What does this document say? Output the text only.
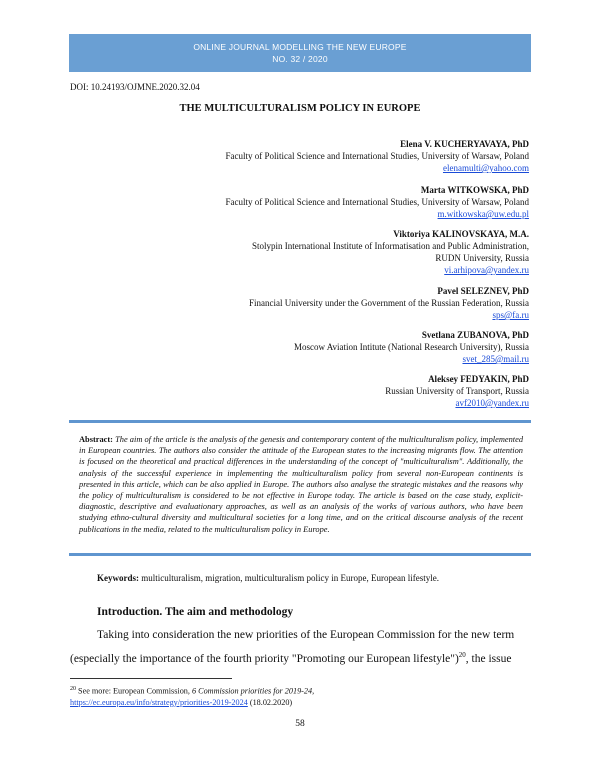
ONLINE JOURNAL MODELLING THE NEW EUROPE
NO. 32 / 2020
DOI: 10.24193/OJMNE.2020.32.04
THE MULTICULTURALISM POLICY IN EUROPE
Elena V. KUCHERYAVAYA, PhD
Faculty of Political Science and International Studies, University of Warsaw, Poland
elenamulti@yahoo.com
Marta WITKOWSKA, PhD
Faculty of Political Science and International Studies, University of Warsaw, Poland
m.witkowska@uw.edu.pl
Viktoriya KALINOVSKAYA, M.A.
Stolypin International Institute of Informatisation and Public Administration,
RUDN University, Russia
vi.arhipova@yandex.ru
Pavel SELEZNEV, PhD
Financial University under the Government of the Russian Federation, Russia
sps@fa.ru
Svetlana ZUBANOVA, PhD
Moscow Aviation Intitute (National Research University), Russia
svet_285@mail.ru
Aleksey FEDYAKIN, PhD
Russian University of Transport, Russia
avf2010@yandex.ru
Abstract: The aim of the article is the analysis of the genesis and contemporary content of the multiculturalism policy, implemented in European countries. The authors also consider the attitude of the European states to the increasing migrants flow. The attention is focused on the theoretical and practical differences in the understanding of the concept of "multiculturalism". Additionally, the analysis of the successful experience in implementing the multiculturalism policy from several non-European continents is presented in this article, which can be also applied in Europe. The authors also analyse the strategic mistakes and the reasons why the policy of multiculturalism is considered to be not effective in Europe today. The article is based on the case study, explicit-diagnostic, descriptive and evaluationary approaches, as well as an analysis of the works of various authors, who have been studying ethno-cultural diversity and multicultural societies for a long time, and on the critical discourse analysis of the recent publications in the media, related to the multiculturalism policy in Europe.
Keywords: multiculturalism, migration, multiculturalism policy in Europe, European lifestyle.
Introduction. The aim and methodology
Taking into consideration the new priorities of the European Commission for the new term
(especially the importance of the fourth priority "Promoting our European lifestyle")$^{20}$, the issue
$^{20}$ See more: European Commission, 6 Commission priorities for 2019-24,
https://ec.europa.eu/info/strategy/priorities-2019-2024 (18.02.2020)
58
